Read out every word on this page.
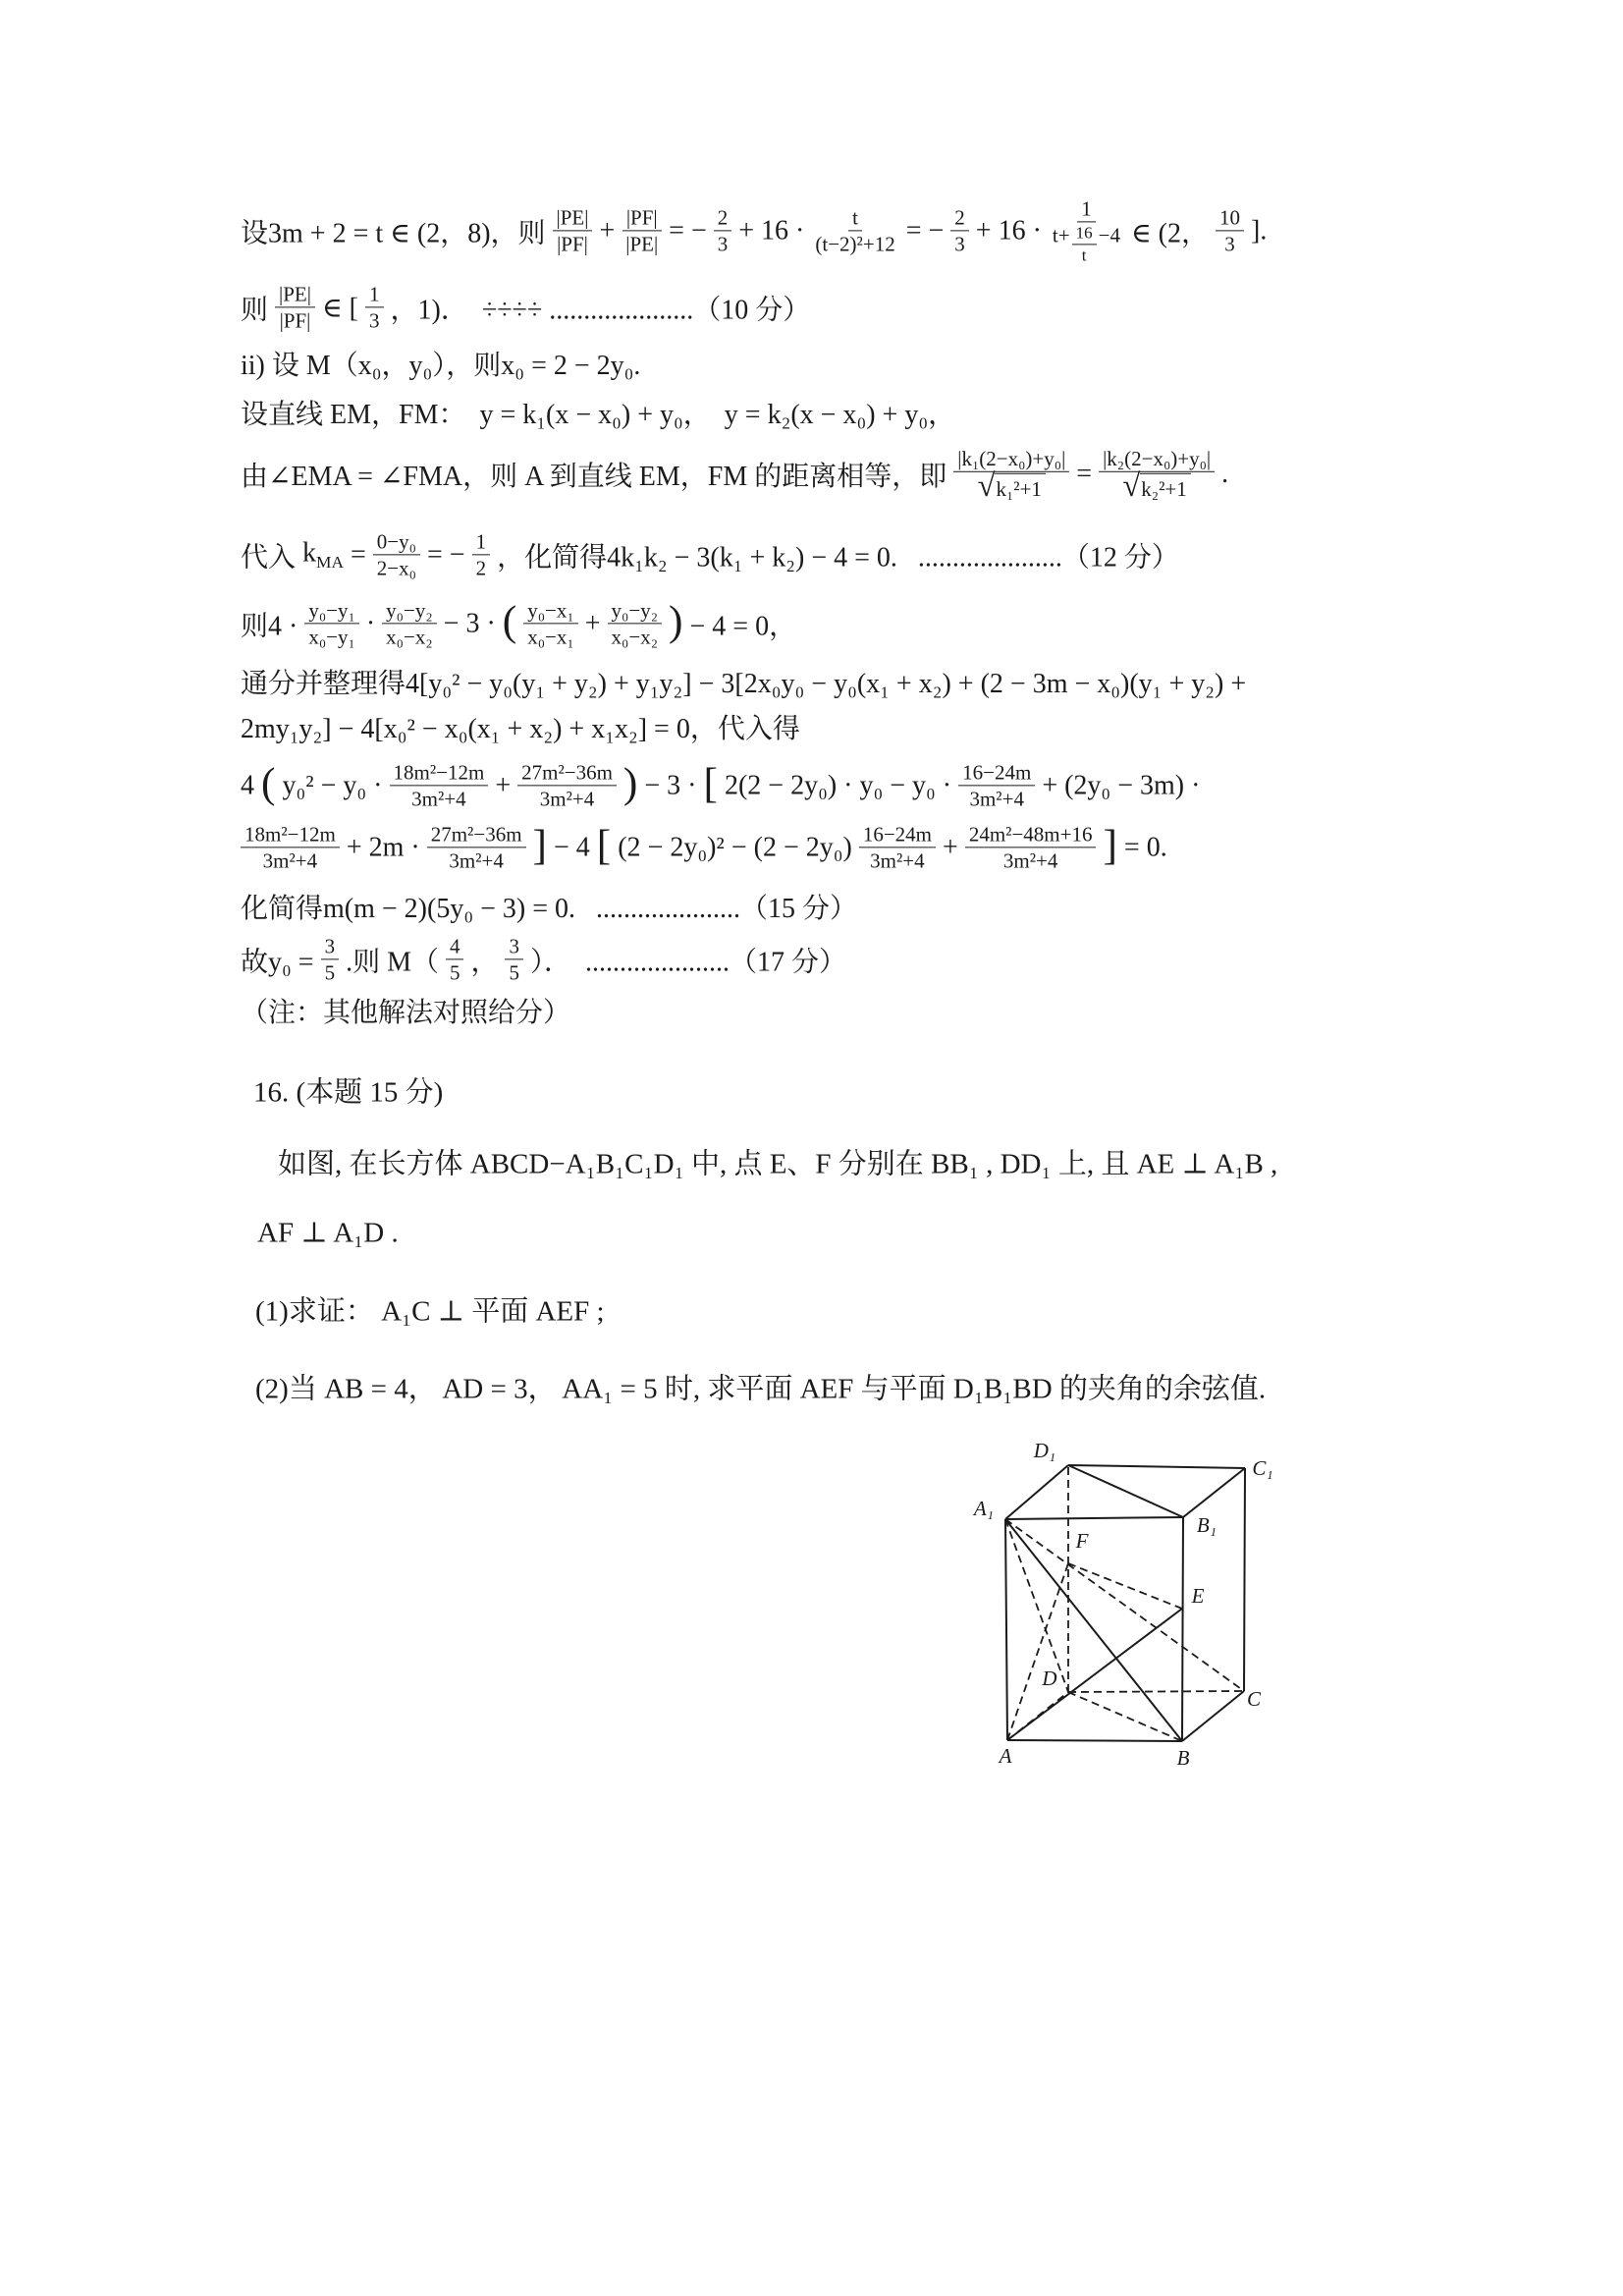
设3m + 2 = t ∈ (2，8)，则 $\frac{|PE|}{|PF|} + \frac{|PF|}{|PE|}$ = − $\frac{2}{3} + 16 \cdot \frac{t}{\text{(t−2)²+12}}$ = − $\frac{2}{3} + 16 \cdot \frac{1}{t+ \frac{16}{t} -4}$ ∈ (2， $\frac{10}{3}$ ].
则 $\frac{|PE|}{|PF|}$ ∈ [ $\frac{1}{3}$ ，1)．  ÷÷÷÷ .....................（10 分）
ii) 设 M（x₀，y₀），则x₀ = 2 − 2y₀.
设直线 EM，FM：  y = k₁(x − x₀) + y₀，  y = k₂(x − x₀) + y₀，
由∠EMA = ∠FMA，则 A 到直线 EM，FM 的距离相等，即 $\frac{\text{|k₁(2−x₀)+y₀|}}{\text{√ k₁²+1}} = \frac{\text{|k₂(2−x₀)+y₀|}}{\text{√ k₂²+1}}$ .
代入 $k_{MA} = \frac{\text{0−y₀}}{\text{2−x₀}}$ = − $\frac{1}{2}$ ，化简得4k₁k₂ − 3(k₁ + k₂) − 4 = 0.   .....................（12 分）
则$4 \cdot \frac{\text{y₀−y₁}}{\text{x₀−y₁}} \cdot \frac{\text{y₀−y₂}}{\text{x₀−x₂}} - 3$ · ( $\frac{\text{y₀−x₁}}{\text{x₀−x₁}} + \frac{\text{y₀−y₂}}{\text{x₀−x₂}}$ ) − 4 = 0，
通分并整理得4[y₀² − y₀(y₁ + y₂) + y₁y₂] − 3[2x₀y₀ − y₀(x₁ + x₂) + (2 − 3m − x₀)(y₁ + y₂) +
2my₁y₂] − 4[x₀² − x₀(x₁ + x₂) + x₁x₂] = 0，代入得
4 ( $y_0^2 - y_0 \cdot \frac{\text{18m²−12m}}{\text{3m²+4}} + \frac{\text{27m²−36m}}{\text{3m²+4}}$ ) − 3 · [ $2(2 - 2y_0) \cdot y_0 - y_0 \cdot \frac{16-24m}{\text{3m²+4}} + (2y_0 - 3m)$ ·
$\frac{\text{18m²−12m}}{\text{3m²+4}} + 2m \cdot \frac{\text{27m²−36m}}{\text{3m²+4}}$ ] − 4 [ $(2 - 2y_0)^2 - (2 - 2y_0) \frac{16-24m}{\text{3m²+4}} + \frac{\text{24m²−48m+16}}{\text{3m²+4}}$ ] = 0.
化简得m(m − 2)(5y₀ − 3) = 0.   .....................（15 分）
故$y_0 = \frac{3}{5}$ .则 $M( \frac{4}{5}$ ， $\frac{3}{5}$ ）．  .....................（17 分）
（注：其他解法对照给分）
16. (本题 15 分)
如图, 在长方体 ABCD−A₁B₁C₁D₁ 中, 点 E、F 分别在 BB₁ , DD₁ 上, 且 AE ⊥ A₁B ,
AF ⊥ A₁D .
(1)求证： A₁C ⊥ 平面 AEF ;
(2)当 AB = 4， AD = 3， AA₁ = 5 时, 求平面 AEF 与平面 D₁B₁BD 的夹角的余弦值.
D₁
C₁
A₁
B₁
F
E
D
C
A	B
